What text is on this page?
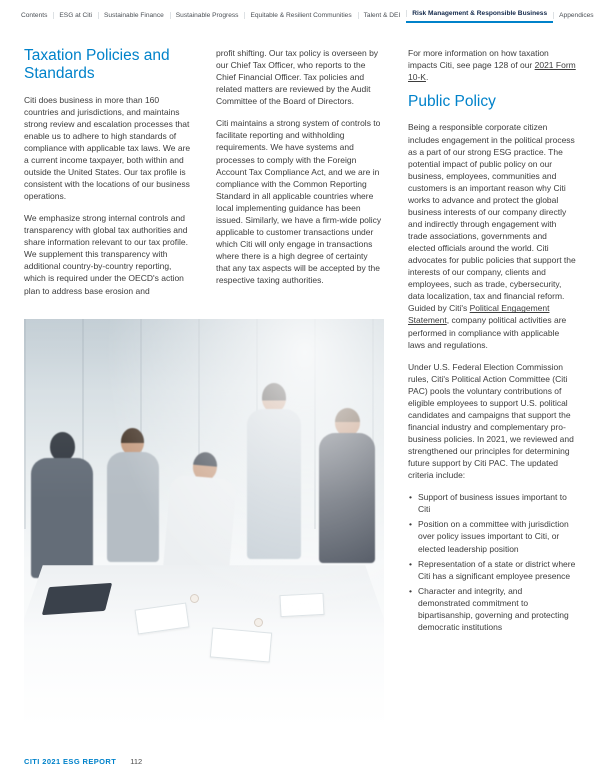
Contents	ESG at Citi	Sustainable Finance	Sustainable Progress	Equitable & Resilient Communities	Talent & DEI	Risk Management & Responsible Business	Appendices
Taxation Policies and Standards

Citi does business in more than 160 countries and jurisdictions, and maintains strong review and escalation processes that enable us to adhere to high standards of compliance with applicable tax laws. We are a current income taxpayer, both within and outside the United States. Our tax profile is consistent with the locations of our business operations.

We emphasize strong internal controls and transparency with global tax authorities and share information relevant to our tax profile. We supplement this transparency with additional country-by-country reporting, which is required under the OECD's action plan to address base erosion and

profit shifting. Our tax policy is overseen by our Chief Tax Officer, who reports to the Chief Financial Officer. Tax policies and related matters are reviewed by the Audit Committee of the Board of Directors.

Citi maintains a strong system of controls to facilitate reporting and withholding requirements. We have systems and processes to comply with the Foreign Account Tax Compliance Act, and we are in compliance with the Common Reporting Standard in all applicable countries where local implementing guidance has been issued. Similarly, we have a firm-wide policy applicable to customer transactions under which Citi will only engage in transactions where there is a high degree of certainty that any tax aspects will be accepted by the respective taxing authorities.

For more information on how taxation impacts Citi, see page 128 of our 2021 Form 10-K.

Public Policy

Being a responsible corporate citizen includes engagement in the political process as a part of our strong ESG practice. The potential impact of public policy on our business, employees, communities and customers is an important reason why Citi works to advance and protect the global business interests of our company directly and indirectly through engagement with trade associations, governments and elected officials around the world. Citi advocates for public policies that support the interests of our company, clients and employees, such as trade, cybersecurity, data localization, tax and financial reform. Guided by Citi's Political Engagement Statement, company political activities are performed in compliance with applicable laws and regulations.

Under U.S. Federal Election Commission rules, Citi's Political Action Committee (Citi PAC) pools the voluntary contributions of eligible employees to support U.S. political candidates and campaigns that support the financial industry and complementary pro-business policies. In 2021, we reviewed and strengthened our principles for determining future support by Citi PAC. The updated criteria include:

• Support of business issues important to Citi
• Position on a committee with jurisdiction over policy issues important to Citi, or elected leadership position
• Representation of a state or district where Citi has a significant employee presence
• Character and integrity, and demonstrated commitment to bipartisanship, governing and protecting democratic institutions
CITI 2021 ESG REPORT 112
